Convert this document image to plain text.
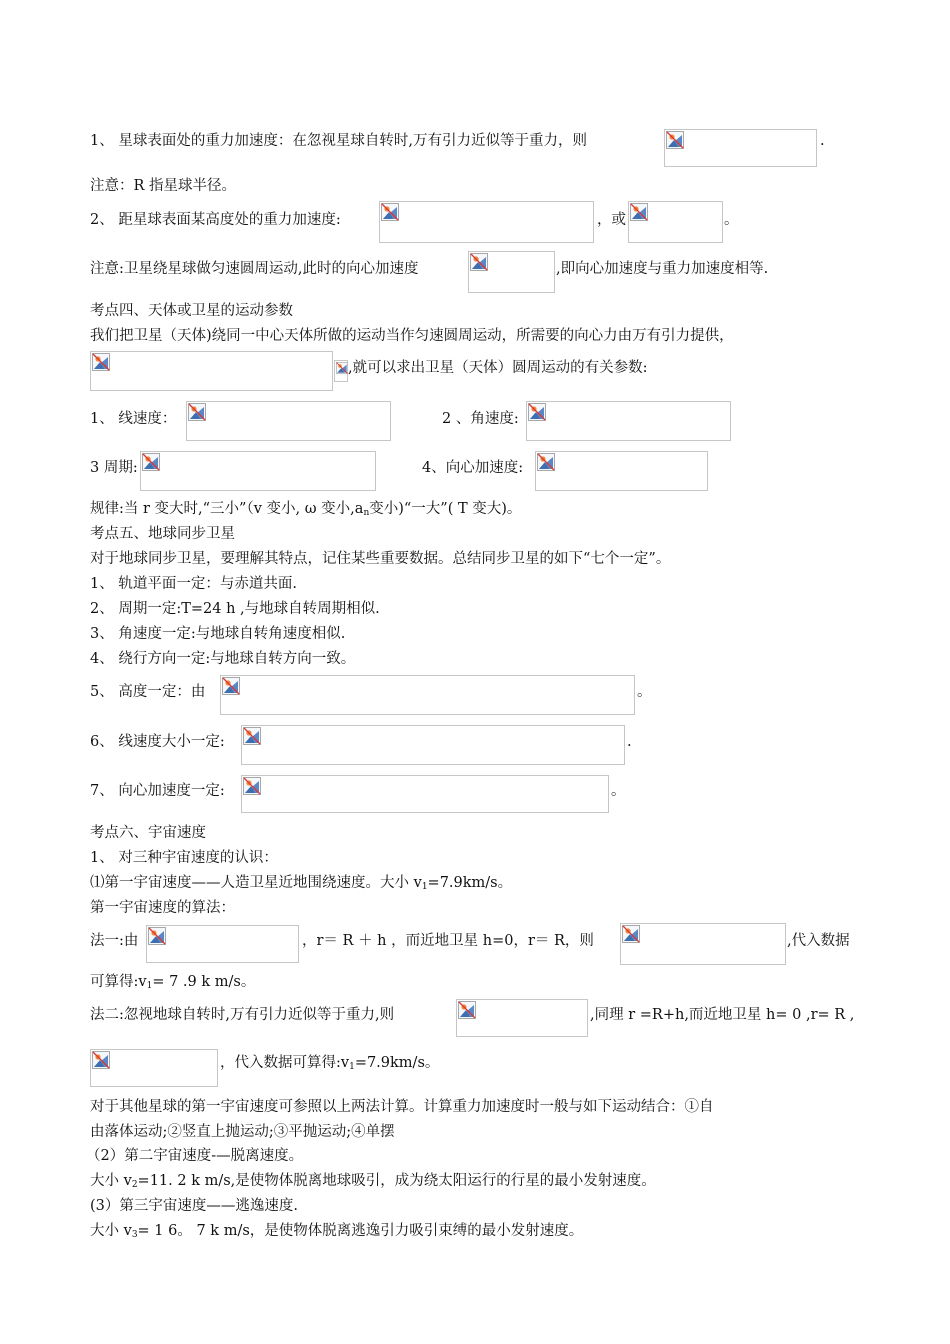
1、 星球表面处的重力加速度：在忽视星球自转时,万有引力近似等于重力，则	.
注意：R 指星球半径。
2、 距星球表面某高度处的重力加速度:	，或	。
注意:卫星绕星球做匀速圆周运动,此时的向心加速度	,即向心加速度与重力加速度相等.
考点四、天体或卫星的运动参数
我们把卫星（天体)绕同一中心天体所做的运动当作匀速圆周运动，所需要的向心力由万有引力提供，
,就可以求出卫星（天体）圆周运动的有关参数:
1、 线速度：	2 、角速度:
3 周期:	4、向心加速度:
规律:当 r 变大时,“三小”（v 变小, ω 变小$,a_n$变小)“一大”( T 变大)。
考点五、地球同步卫星
对于地球同步卫星，要理解其特点，记住某些重要数据。总结同步卫星的如下“七个一定”。
1、 轨道平面一定：与赤道共面.
2、 周期一定:T=24 h ,与地球自转周期相似.
3、 角速度一定:与地球自转角速度相似.
4、 绕行方向一定:与地球自转方向一致。
5、 高度一定：由	。
6、 线速度大小一定:	.
7、 向心加速度一定:	。
考点六、宇宙速度
1、 对三种宇宙速度的认识：
⑴第一宇宙速度——人造卫星近地围绕速度。大小 $v_1=7.9km/s$。
第一宇宙速度的算法：
法一:由	，r＝ R ＋ h ，而近地卫星 h=0，r＝ R，则	,代入数据
可算得$:v_1= 7$ .9 k m/s。
法二:忽视地球自转时,万有引力近似等于重力,则	,同理 r =R+h,而近地卫星 h= 0 ,r= R ,
，代入数据可算得$:v_1=7.9km/s$。
对于其他星球的第一宇宙速度可参照以上两法计算。计算重力加速度时一般与如下运动结合：①自
由落体运动;②竖直上抛运动;③平抛运动;④单摆
（2）第二宇宙速度-—脱离速度。
大小 $v_2=11$. 2 k m/s,是使物体脱离地球吸引，成为绕太阳运行的行星的最小发射速度。
(3）第三宇宙速度——逃逸速度.
大小 $v_3= 1$ 6。 7 k m/s，是使物体脱离逃逸引力吸引束缚的最小发射速度。
